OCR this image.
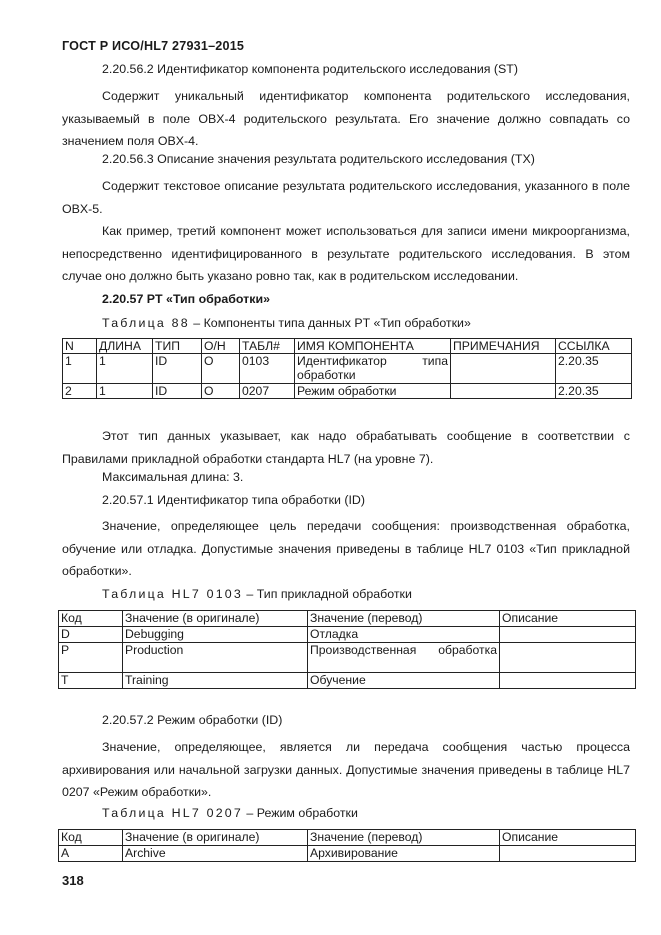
ГОСТ Р ИСО/HL7 27931–2015
2.20.56.2 Идентификатор компонента родительского исследования (ST)
Содержит уникальный идентификатор компонента родительского исследования, указываемый в поле OBX-4 родительского результата. Его значение должно совпадать со значением поля OBX-4.
2.20.56.3 Описание значения результата родительского исследования (TX)
Содержит текстовое описание результата родительского исследования, указанного в поле OBX-5.
Как пример, третий компонент может использоваться для записи имени микроорганизма, непосредственно идентифицированного в результате родительского исследования. В этом случае оно должно быть указано ровно так, как в родительском исследовании.
2.20.57 PT «Тип обработки»
Таблица 88 – Компоненты типа данных PT «Тип обработки»
N	ДЛИНА	ТИП	О/Н	ТАБЛ#	ИМЯ КОМПОНЕНТА	ПРИМЕЧАНИЯ	ССЫЛКА
1	1	ID	O	0103	Идентификатор типа обработки		2.20.35
2	1	ID	O	0207	Режим обработки		2.20.35
Этот тип данных указывает, как надо обрабатывать сообщение в соответствии с Правилами прикладной обработки стандарта HL7 (на уровне 7).
Максимальная длина: 3.
2.20.57.1 Идентификатор типа обработки (ID)
Значение, определяющее цель передачи сообщения: производственная обработка, обучение или отладка. Допустимые значения приведены в таблице HL7 0103 «Тип прикладной обработки».
Таблица HL7 0103 – Тип прикладной обработки
Код	Значение (в оригинале)	Значение (перевод)	Описание
D	Debugging	Отладка	
P	Production	Производственная обработка	
T	Training	Обучение	
2.20.57.2 Режим обработки (ID)
Значение, определяющее, является ли передача сообщения частью процесса архивирования или начальной загрузки данных. Допустимые значения приведены в таблице HL7 0207 «Режим обработки».
Таблица HL7 0207 – Режим обработки
Код	Значение (в оригинале)	Значение (перевод)	Описание
A	Archive	Архивирование	
318
